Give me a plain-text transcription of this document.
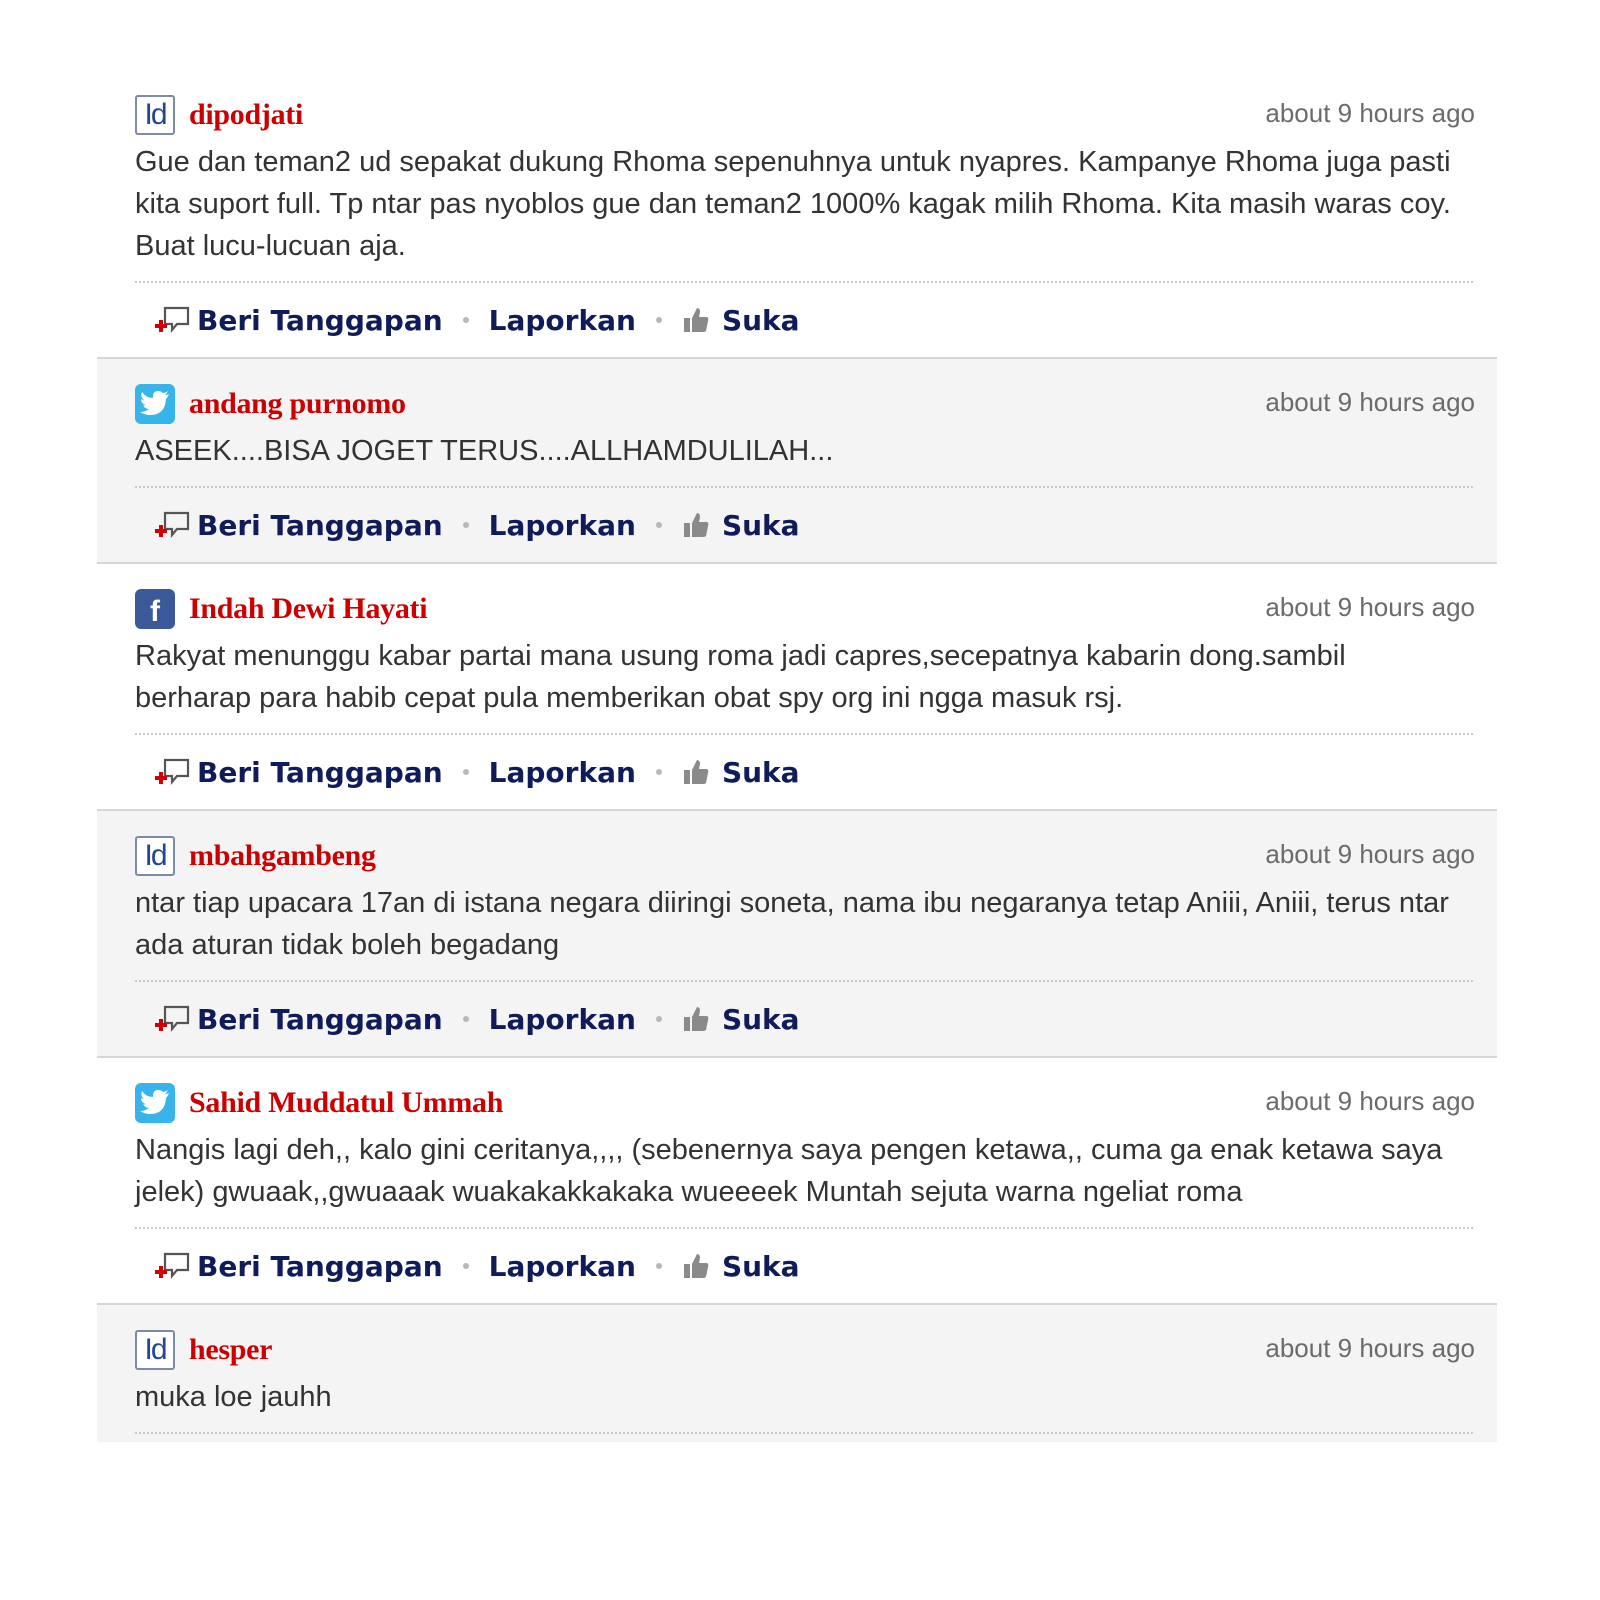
Id dipodjati	about 9 hours ago
Gue dan teman2 ud sepakat dukung Rhoma sepenuhnya untuk nyapres. Kampanye Rhoma juga pasti kita suport full. Tp ntar pas nyoblos gue dan teman2 1000% kagak milih Rhoma. Kita masih waras coy. Buat lucu-lucuan aja.
Beri Tanggapan Laporkan	Suka
andang purnomo	about 9 hours ago
ASEEK....BISA JOGET TERUS....ALLHAMDULILAH...
Beri Tanggapan Laporkan	Suka
f Indah Dewi Hayati	about 9 hours ago
Rakyat menunggu kabar partai mana usung roma jadi capres,secepatnya kabarin dong.sambil berharap para habib cepat pula memberikan obat spy org ini ngga masuk rsj.
Beri Tanggapan Laporkan	Suka
Id mbahgambeng	about 9 hours ago
ntar tiap upacara 17an di istana negara diiringi soneta, nama ibu negaranya tetap Aniii, Aniii, terus ntar ada aturan tidak boleh begadang
Beri Tanggapan Laporkan	Suka
Sahid Muddatul Ummah	about 9 hours ago
Nangis lagi deh,, kalo gini ceritanya,,,, (sebenernya saya pengen ketawa,, cuma ga enak ketawa saya jelek) gwuaak,,gwuaaak wuakakakkakaka wueeeek Muntah sejuta warna ngeliat roma
Beri Tanggapan Laporkan	Suka
Id hesper	about 9 hours ago
muka loe jauhh
